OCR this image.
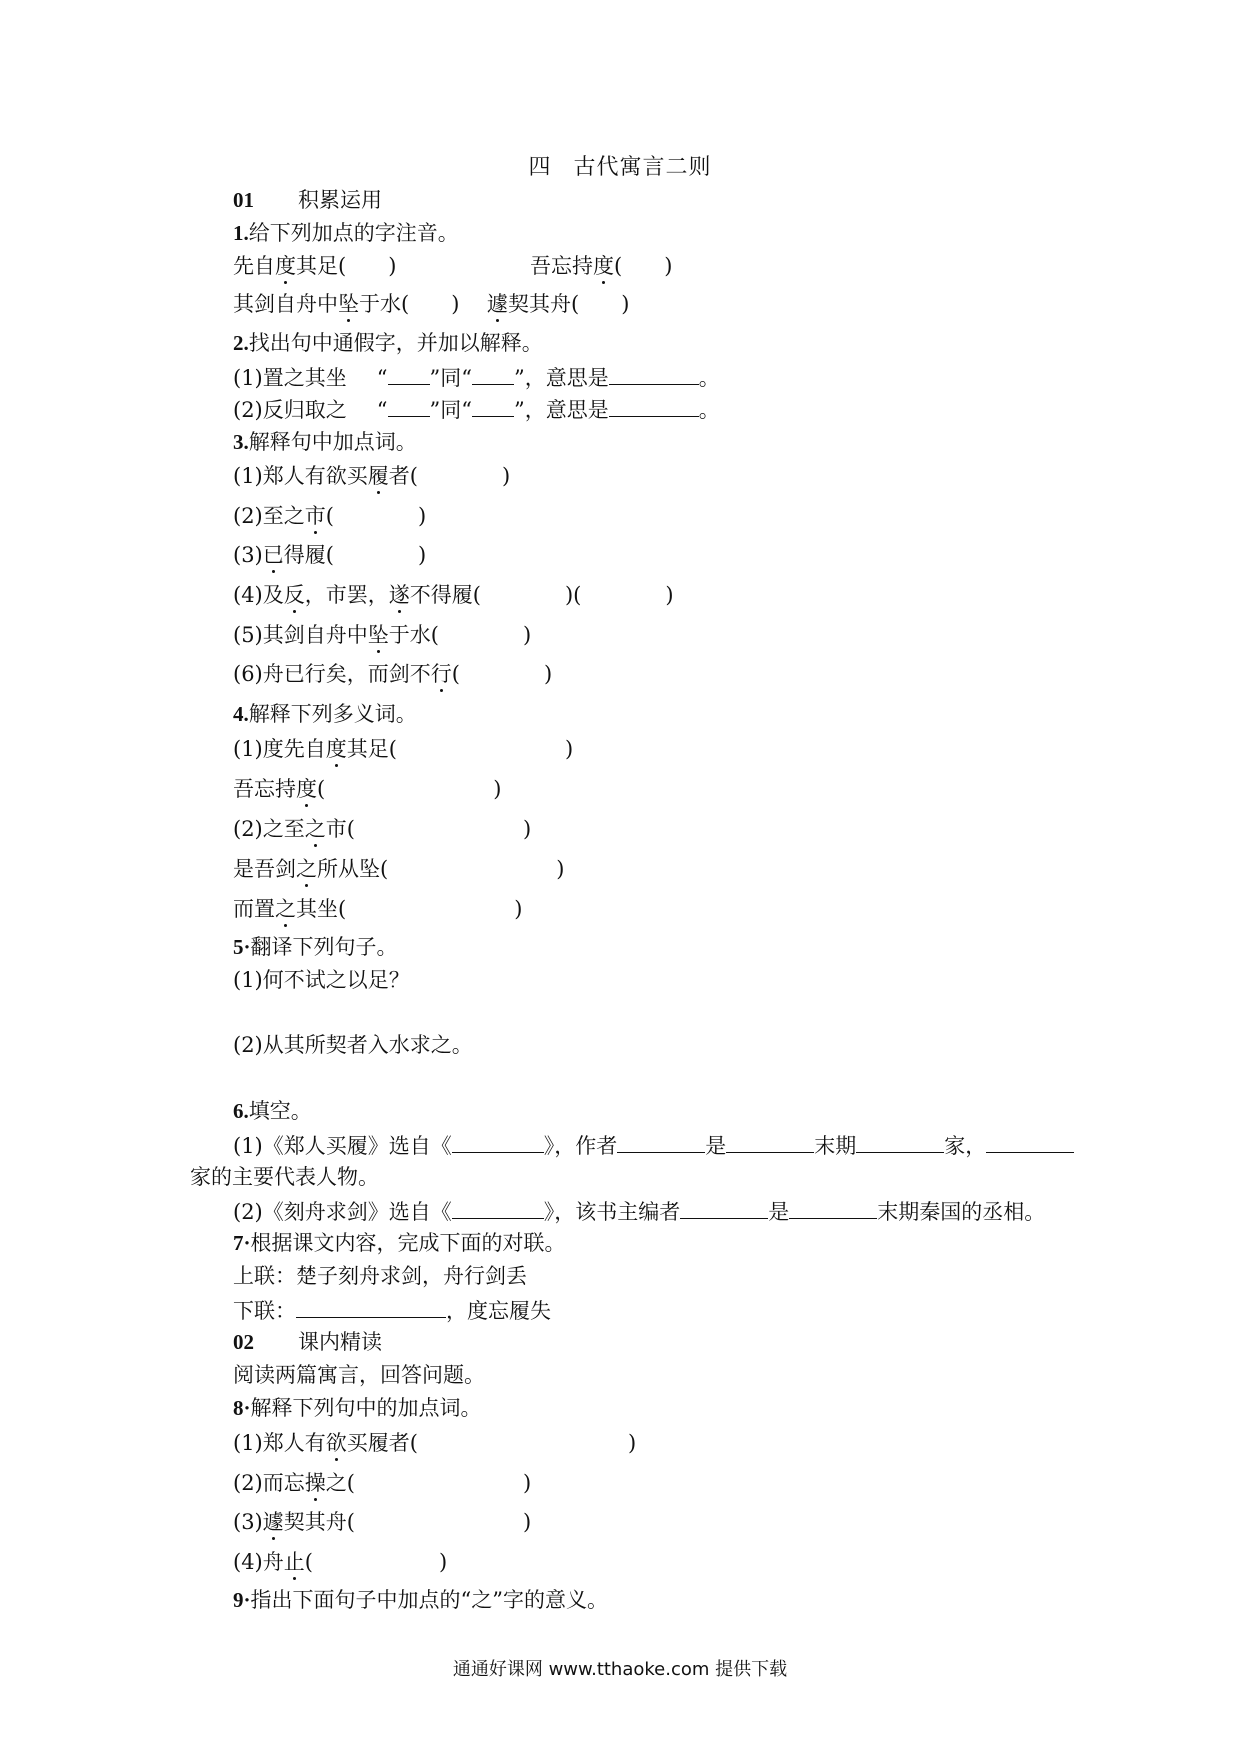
四 古代寓言二则
01 积累运用
1.给下列加点的字注音。
先自度其足(　　)	吾忘持度(　　)
其剑自舟中坠于水(　　) 遽契其舟(　　)
2.找出句中通假字，并加以解释。
(1)置之其坐 “ ”同“ ”，意思是	。
(2)反归取之 “ ”同“ ”，意思是	。
3.解释句中加点词。
(1)郑人有欲买履者(　　　　)
(2)至之市(　　　　)
(3)已得履(　　　　)
(4)及反，市罢，遂不得履(　　　　)(　　　　)
(5)其剑自舟中坠于水(　　　　)
(6)舟已行矣，而剑不行(　　　　)
4.解释下列多义词。
(1)度先自度其足(　　　　　　　　)
吾忘持度(　　　　　　　　)
(2)之至之市(　　　　　　　　)
是吾剑之所从坠(　　　　　　　　)
而置之其坐(　　　　　　　　)
5·翻译下列句子。
(1)何不试之以足？
(2)从其所契者入水求之。
6.填空。
(1)《郑人买履》选自《	》，作者	是	末期	家，
家的主要代表人物。
(2)《刻舟求剑》选自《	》，该书主编者	是	末期秦国的丞相。
7·根据课文内容，完成下面的对联。
上联：楚子刻舟求剑，舟行剑丢
下联：	，度忘履失
02 课内精读
阅读两篇寓言，回答问题。
8·解释下列句中的加点词。
(1)郑人有欲买履者(　　　　　　　　　　)
(2)而忘操之(　　　　　　　　)
(3)遽契其舟(　　　　　　　　)
(4)舟止(　　　　　　)
9·指出下面句子中加点的“之”字的意义。
通通好课网 www.tthaoke.com 提供下载
